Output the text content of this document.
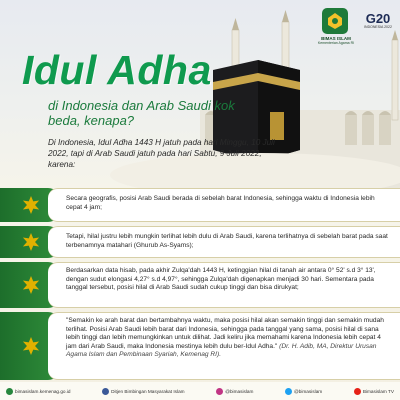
BIMAS ISLAM
Kementerian Agama RI
G20
INDONESIA 2022
Idul Adha
di Indonesia dan Arab Saudi kok beda, kenapa?
Di Indonesia, Idul Adha 1443 H jatuh pada hari Minggu, 10 Juli 2022, tapi di Arab Saudi jatuh pada hari Sabtu, 9 Juli 2022, karena:
Secara geografis, posisi Arab Saudi berada di sebelah barat Indonesia, sehingga waktu di Indonesia lebih cepat 4 jam;
Tetapi, hilal justru lebih mungkin terlihat lebih dulu di Arab Saudi, karena terlihatnya di sebelah barat pada saat terbenamnya matahari (Ghurub As-Syams);
Berdasarkan data hisab, pada akhir Zulqa'dah 1443 H, ketinggian hilal di tanah air antara 0° 52' s.d 3° 13', dengan sudut elongasi 4,27° s.d 4,97°, sehingga Zulqa'dah digenapkan menjadi 30 hari. Sementara pada tanggal tersebut, posisi hilal di Arab Saudi sudah cukup tinggi dan bisa dirukyat;
"Semakin ke arah barat dan bertambahnya waktu, maka posisi hilal akan semakin tinggi dan semakin mudah terlihat. Posisi Arab Saudi lebih barat dari Indonesia, sehingga pada tanggal yang sama, posisi hilal di sana lebih tinggi dan lebih memungkinkan untuk dilihat. Jadi keliru jika memahami karena Indonesia lebih cepat 4 jam dari Arab Saudi, maka Indonesia mestinya lebih dulu ber-Idul Adha." (Dr. H. Adib, MA, Direktur Urusan Agama Islam dan Pembinaan Syariah, Kemenag RI).
bimasislam.kemenag.go.id	Ditjen Bimbingan Masyarakat Islam	@bimasislam	@bimasislam	Bimasislam TV
